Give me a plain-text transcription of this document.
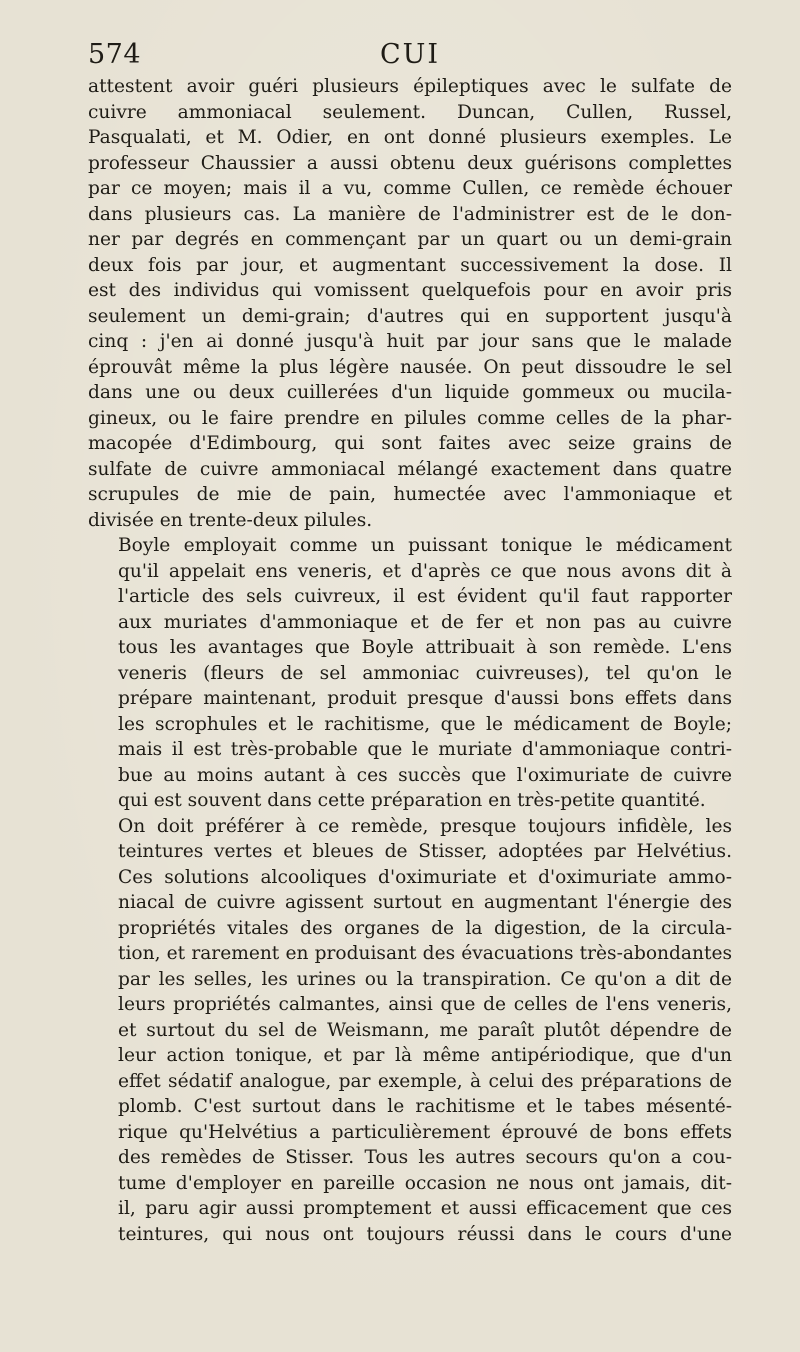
574	CUI

attestent avoir guéri plusieurs épileptiques avec le sulfate de
cuivre ammoniacal seulement. Duncan, Cullen, Russel,
Pasqualati, et M. Odier, en ont donné plusieurs exemples. Le
professeur Chaussier a aussi obtenu deux guérisons complettes
par ce moyen; mais il a vu, comme Cullen, ce remède échouer
dans plusieurs cas. La manière de l'administrer est de le don-
ner par degrés en commençant par un quart ou un demi-grain
deux fois par jour, et augmentant successivement la dose. Il
est des individus qui vomissent quelquefois pour en avoir pris
seulement un demi-grain; d'autres qui en supportent jusqu'à
cinq : j'en ai donné jusqu'à huit par jour sans que le malade
éprouvât même la plus légère nausée. On peut dissoudre le sel
dans une ou deux cuillerées d'un liquide gommeux ou mucila-
gineux, ou le faire prendre en pilules comme celles de la phar-
macopée d'Edimbourg, qui sont faites avec seize grains de
sulfate de cuivre ammoniacal mélangé exactement dans quatre
scrupules de mie de pain, humectée avec l'ammoniaque et
divisée en trente-deux pilules.

Boyle employait comme un puissant tonique le médicament
qu'il appelait ens veneris, et d'après ce que nous avons dit à
l'article des sels cuivreux, il est évident qu'il faut rapporter
aux muriates d'ammoniaque et de fer et non pas au cuivre
tous les avantages que Boyle attribuait à son remède. L'ens
veneris (fleurs de sel ammoniac cuivreuses), tel qu'on le
prépare maintenant, produit presque d'aussi bons effets dans
les scrophules et le rachitisme, que le médicament de Boyle;
mais il est très-probable que le muriate d'ammoniaque contri-
bue au moins autant à ces succès que l'oximuriate de cuivre
qui est souvent dans cette préparation en très-petite quantité.

On doit préférer à ce remède, presque toujours infidèle, les
teintures vertes et bleues de Stisser, adoptées par Helvétius.
Ces solutions alcooliques d'oximuriate et d'oximuriate ammo-
niacal de cuivre agissent surtout en augmentant l'énergie des
propriétés vitales des organes de la digestion, de la circula-
tion, et rarement en produisant des évacuations très-abondantes
par les selles, les urines ou la transpiration. Ce qu'on a dit de
leurs propriétés calmantes, ainsi que de celles de l'ens veneris,
et surtout du sel de Weismann, me paraît plutôt dépendre de
leur action tonique, et par là même antipériodique, que d'un
effet sédatif analogue, par exemple, à celui des préparations de
plomb. C'est surtout dans le rachitisme et le tabes mésenté-
rique qu'Helvétius a particulièrement éprouvé de bons effets
des remèdes de Stisser. Tous les autres secours qu'on a cou-
tume d'employer en pareille occasion ne nous ont jamais, dit-
il, paru agir aussi promptement et aussi efficacement que ces
teintures, qui nous ont toujours réussi dans le cours d'une
